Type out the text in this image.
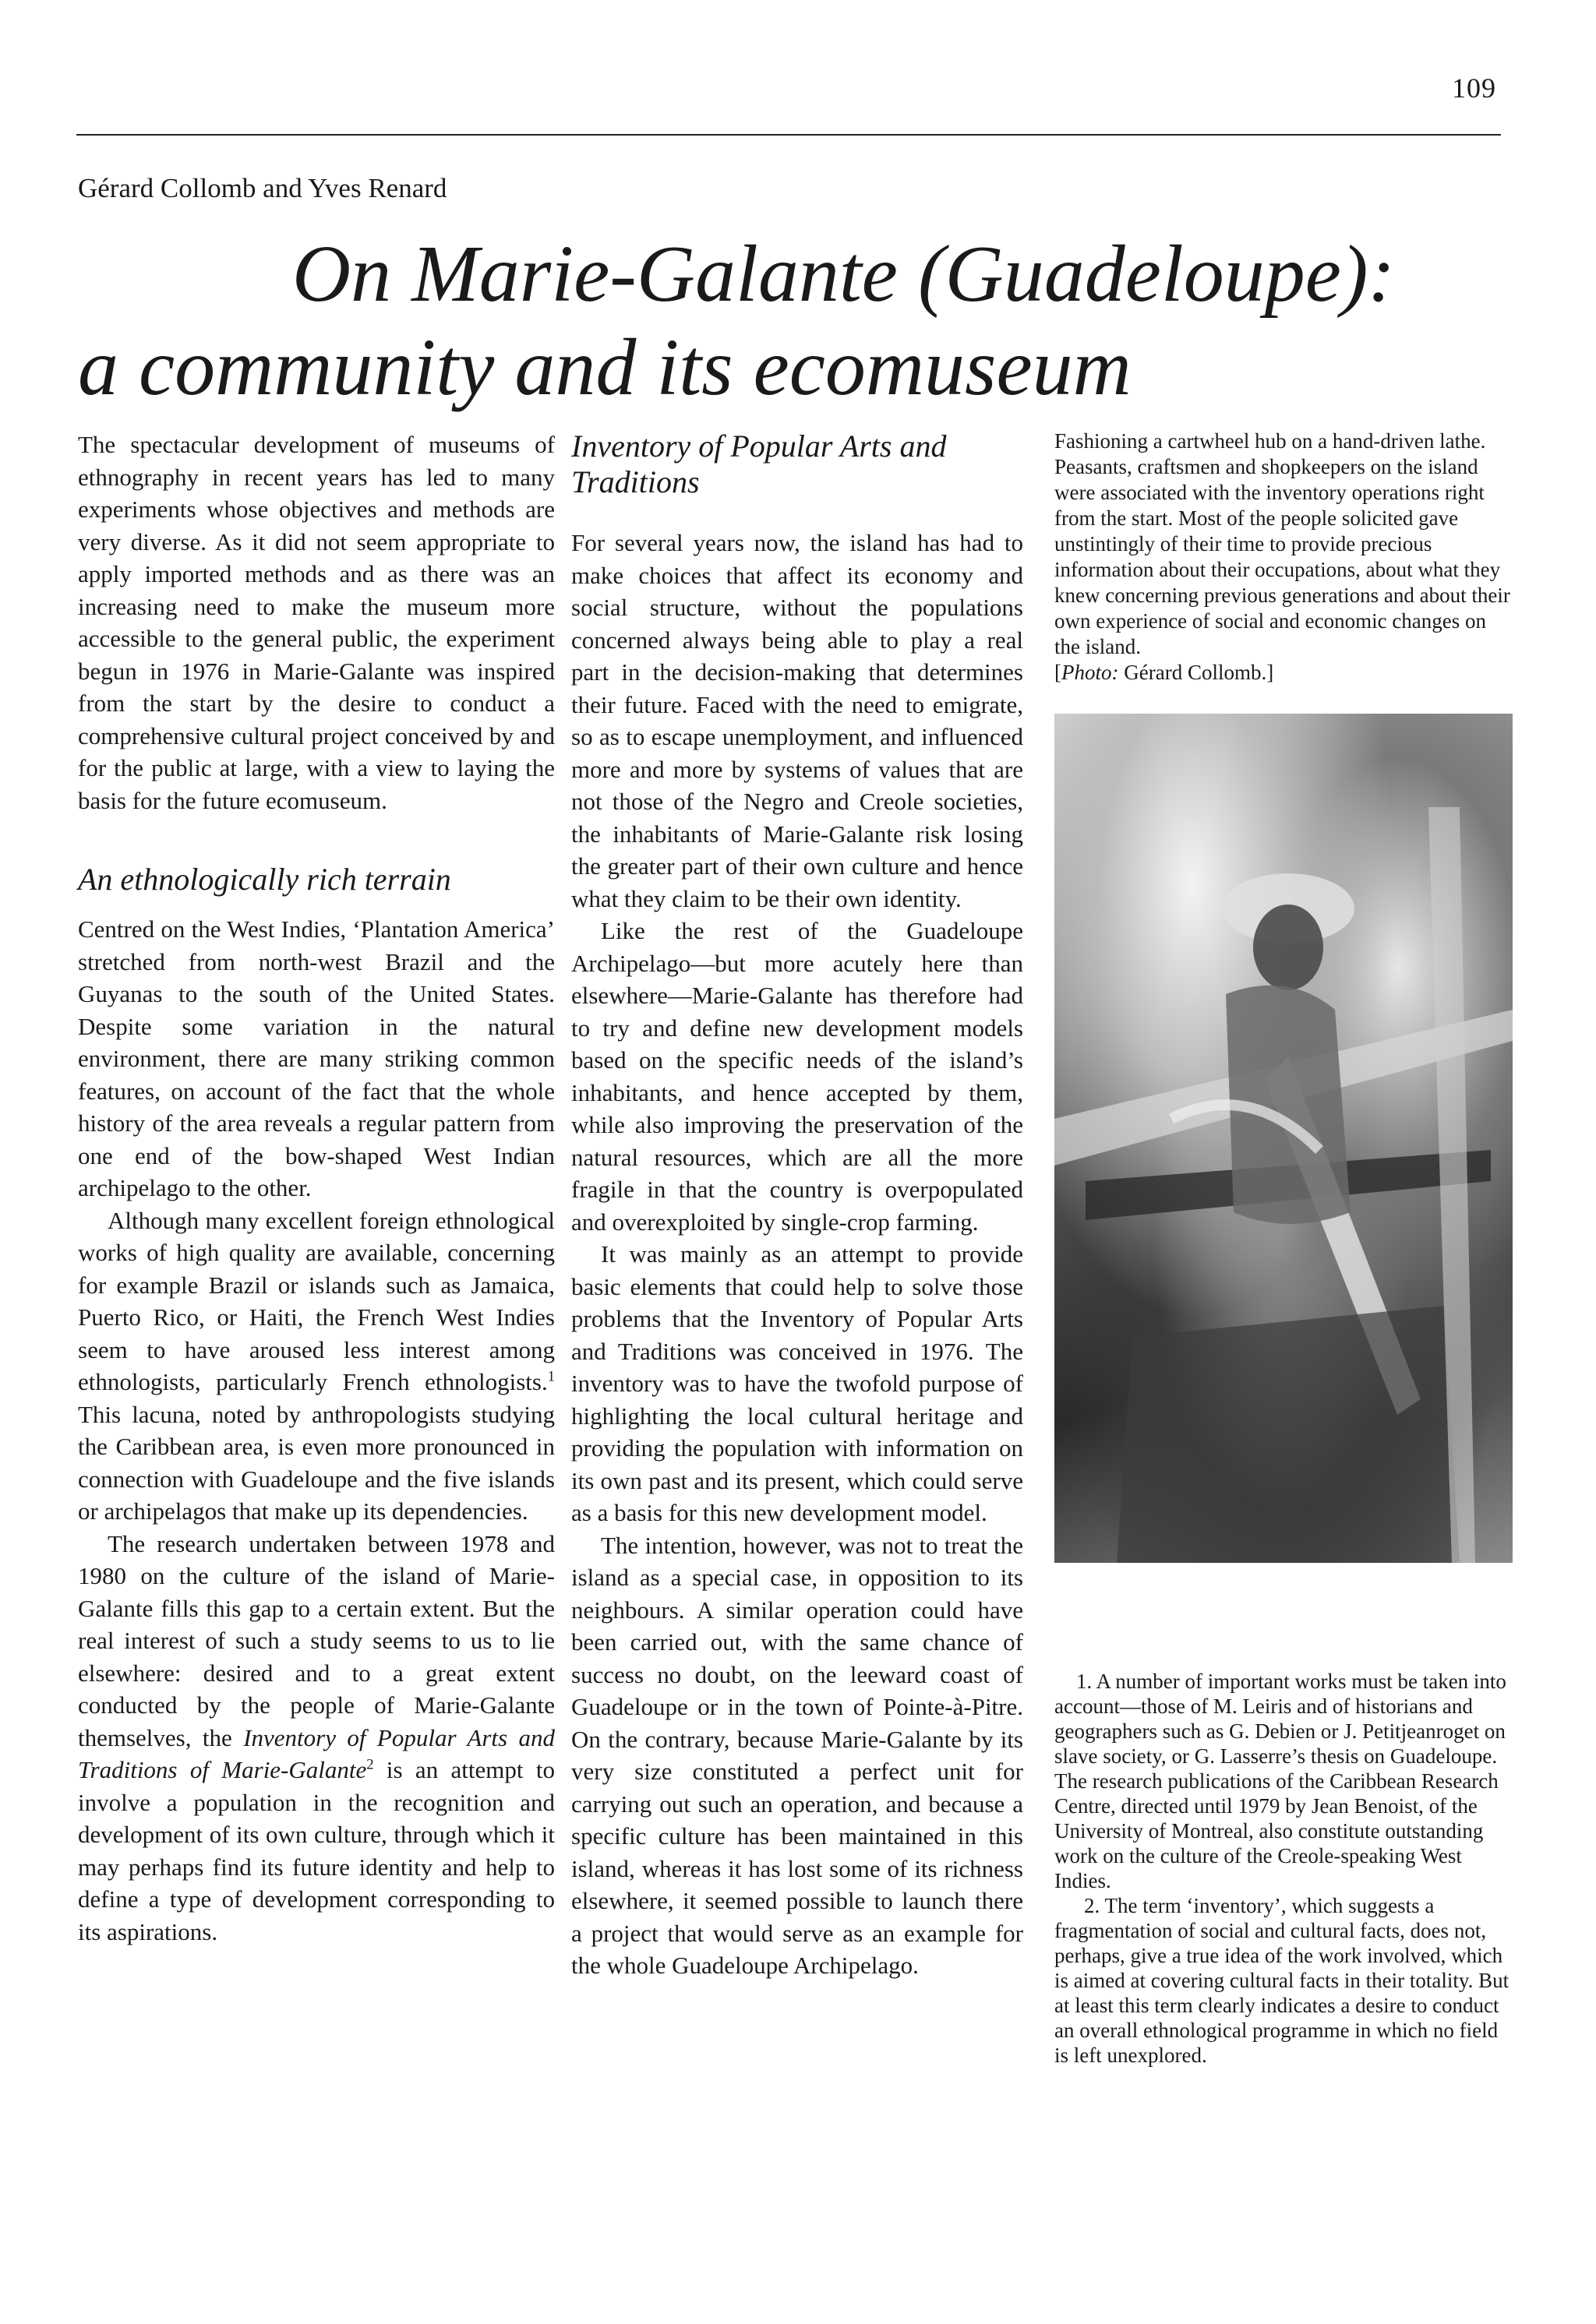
109
Gérard Collomb and Yves Renard
On Marie-Galante (Guadeloupe):
a community and its ecomuseum

The spectacular development of museums of ethnography in recent years has led to many experiments whose objectives and methods are very diverse. As it did not seem appropriate to apply imported methods and as there was an increasing need to make the museum more accessible to the general public, the experiment begun in 1976 in Marie-Galante was inspired from the start by the desire to conduct a comprehensive cultural project conceived by and for the public at large, with a view to laying the basis for the future ecomuseum.

An ethnologically rich terrain

Centred on the West Indies, ‘Plantation America’ stretched from north-west Brazil and the Guyanas to the south of the United States. Despite some variation in the natural environment, there are many striking common features, on account of the fact that the whole history of the area reveals a regular pattern from one end of the bow-shaped West Indian archipelago to the other.

Although many excellent foreign ethnological works of high quality are available, concerning for example Brazil or islands such as Jamaica, Puerto Rico, or Haiti, the French West Indies seem to have aroused less interest among ethnologists, particularly French ethnologists.$^1$ This lacuna, noted by anthropologists studying the Caribbean area, is even more pronounced in connection with Guadeloupe and the five islands or archipelagos that make up its dependencies.

The research undertaken between 1978 and 1980 on the culture of the island of Marie-Galante fills this gap to a certain extent. But the real interest of such a study seems to us to lie elsewhere: desired and to a great extent conducted by the people of Marie-Galante themselves, the Inventory of Popular Arts and Traditions of Marie-Galante$^2$ is an attempt to involve a population in the recognition and development of its own culture, through which it may perhaps find its future identity and help to define a type of development corresponding to its aspirations.

Inventory of Popular Arts and Traditions

For several years now, the island has had to make choices that affect its economy and social structure, without the populations concerned always being able to play a real part in the decision-making that determines their future. Faced with the need to emigrate, so as to escape unemployment, and influenced more and more by systems of values that are not those of the Negro and Creole societies, the inhabitants of Marie-Galante risk losing the greater part of their own culture and hence what they claim to be their own identity.

Like the rest of the Guadeloupe Archipelago—but more acutely here than elsewhere—Marie-Galante has therefore had to try and define new development models based on the specific needs of the island’s inhabitants, and hence accepted by them, while also improving the preservation of the natural resources, which are all the more fragile in that the country is overpopulated and overexploited by single-crop farming.

It was mainly as an attempt to provide basic elements that could help to solve those problems that the Inventory of Popular Arts and Traditions was conceived in 1976. The inventory was to have the twofold purpose of highlighting the local cultural heritage and providing the population with information on its own past and its present, which could serve as a basis for this new development model.

The intention, however, was not to treat the island as a special case, in opposition to its neighbours. A similar operation could have been carried out, with the same chance of success no doubt, on the leeward coast of Guadeloupe or in the town of Pointe-à-Pitre. On the contrary, because Marie-Galante by its very size constituted a perfect unit for carrying out such an operation, and because a specific culture has been maintained in this island, whereas it has lost some of its richness elsewhere, it seemed possible to launch there a project that would serve as an example for the whole Guadeloupe Archipelago.

Fashioning a cartwheel hub on a hand-driven lathe. Peasants, craftsmen and shopkeepers on the island were associated with the inventory operations right from the start. Most of the people solicited gave unstintingly of their time to provide precious information about their occupations, about what they knew concerning previous generations and about their own experience of social and economic changes on the island.
[Photo: Gérard Collomb.]

1. A number of important works must be taken into account—those of M. Leiris and of historians and geographers such as G. Debien or J. Petitjeanroget on slave society, or G. Lasserre’s thesis on Guadeloupe. The research publications of the Caribbean Research Centre, directed until 1979 by Jean Benoist, of the University of Montreal, also constitute outstanding work on the culture of the Creole-speaking West Indies.

2. The term ‘inventory’, which suggests a fragmentation of social and cultural facts, does not, perhaps, give a true idea of the work involved, which is aimed at covering cultural facts in their totality. But at least this term clearly indicates a desire to conduct an overall ethnological programme in which no field is left unexplored.
